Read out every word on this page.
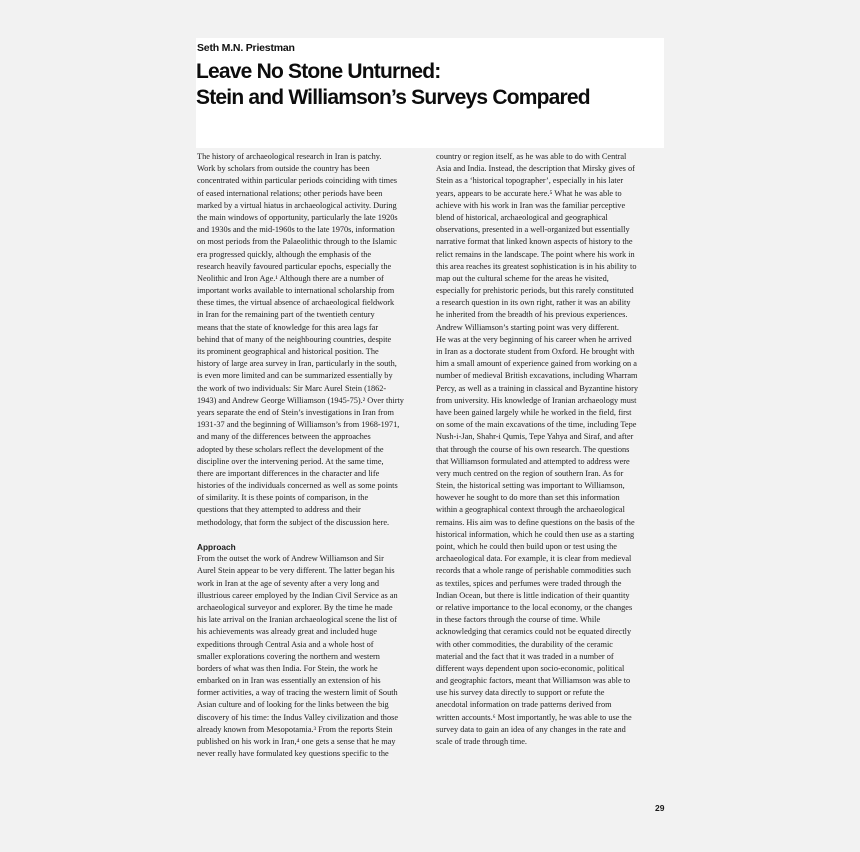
Seth M.N. Priestman
Leave No Stone Unturned:
Stein and Williamson’s Surveys Compared
The history of archaeological research in Iran is patchy.
Work by scholars from outside the country has been
concentrated within particular periods coinciding with times
of eased international relations; other periods have been
marked by a virtual hiatus in archaeological activity. During
the main windows of opportunity, particularly the late 1920s
and 1930s and the mid-1960s to the late 1970s, information
on most periods from the Palaeolithic through to the Islamic
era progressed quickly, although the emphasis of the
research heavily favoured particular epochs, especially the
Neolithic and Iron Age.¹ Although there are a number of
important works available to international scholarship from
these times, the virtual absence of archaeological fieldwork
in Iran for the remaining part of the twentieth century
means that the state of knowledge for this area lags far
behind that of many of the neighbouring countries, despite
its prominent geographical and historical position. The
history of large area survey in Iran, particularly in the south,
is even more limited and can be summarized essentially by
the work of two individuals: Sir Marc Aurel Stein (1862-
1943) and Andrew George Williamson (1945-75).² Over thirty
years separate the end of Stein’s investigations in Iran from
1931-37 and the beginning of Williamson’s from 1968-1971,
and many of the differences between the approaches
adopted by these scholars reflect the development of the
discipline over the intervening period. At the same time,
there are important differences in the character and life
histories of the individuals concerned as well as some points
of similarity. It is these points of comparison, in the
questions that they attempted to address and their
methodology, that form the subject of the discussion here.
Approach
From the outset the work of Andrew Williamson and Sir
Aurel Stein appear to be very different. The latter began his
work in Iran at the age of seventy after a very long and
illustrious career employed by the Indian Civil Service as an
archaeological surveyor and explorer. By the time he made
his late arrival on the Iranian archaeological scene the list of
his achievements was already great and included huge
expeditions through Central Asia and a whole host of
smaller explorations covering the northern and western
borders of what was then India. For Stein, the work he
embarked on in Iran was essentially an extension of his
former activities, a way of tracing the western limit of South
Asian culture and of looking for the links between the big
discovery of his time: the Indus Valley civilization and those
already known from Mesopotamia.³ From the reports Stein
published on his work in Iran,⁴ one gets a sense that he may
never really have formulated key questions specific to the
country or region itself, as he was able to do with Central
Asia and India. Instead, the description that Mirsky gives of
Stein as a ‘historical topographer’, especially in his later
years, appears to be accurate here.⁵ What he was able to
achieve with his work in Iran was the familiar perceptive
blend of historical, archaeological and geographical
observations, presented in a well-organized but essentially
narrative format that linked known aspects of history to the
relict remains in the landscape. The point where his work in
this area reaches its greatest sophistication is in his ability to
map out the cultural scheme for the areas he visited,
especially for prehistoric periods, but this rarely constituted
a research question in its own right, rather it was an ability
he inherited from the breadth of his previous experiences.
Andrew Williamson’s starting point was very different.
He was at the very beginning of his career when he arrived
in Iran as a doctorate student from Oxford. He brought with
him a small amount of experience gained from working on a
number of medieval British excavations, including Wharram
Percy, as well as a training in classical and Byzantine history
from university. His knowledge of Iranian archaeology must
have been gained largely while he worked in the field, first
on some of the main excavations of the time, including Tepe
Nush-i-Jan, Shahr-i Qumis, Tepe Yahya and Siraf, and after
that through the course of his own research. The questions
that Williamson formulated and attempted to address were
very much centred on the region of southern Iran. As for
Stein, the historical setting was important to Williamson,
however he sought to do more than set this information
within a geographical context through the archaeological
remains. His aim was to define questions on the basis of the
historical information, which he could then use as a starting
point, which he could then build upon or test using the
archaeological data. For example, it is clear from medieval
records that a whole range of perishable commodities such
as textiles, spices and perfumes were traded through the
Indian Ocean, but there is little indication of their quantity
or relative importance to the local economy, or the changes
in these factors through the course of time. While
acknowledging that ceramics could not be equated directly
with other commodities, the durability of the ceramic
material and the fact that it was traded in a number of
different ways dependent upon socio-economic, political
and geographic factors, meant that Williamson was able to
use his survey data directly to support or refute the
anecdotal information on trade patterns derived from
written accounts.⁶ Most importantly, he was able to use the
survey data to gain an idea of any changes in the rate and
scale of trade through time.
29
